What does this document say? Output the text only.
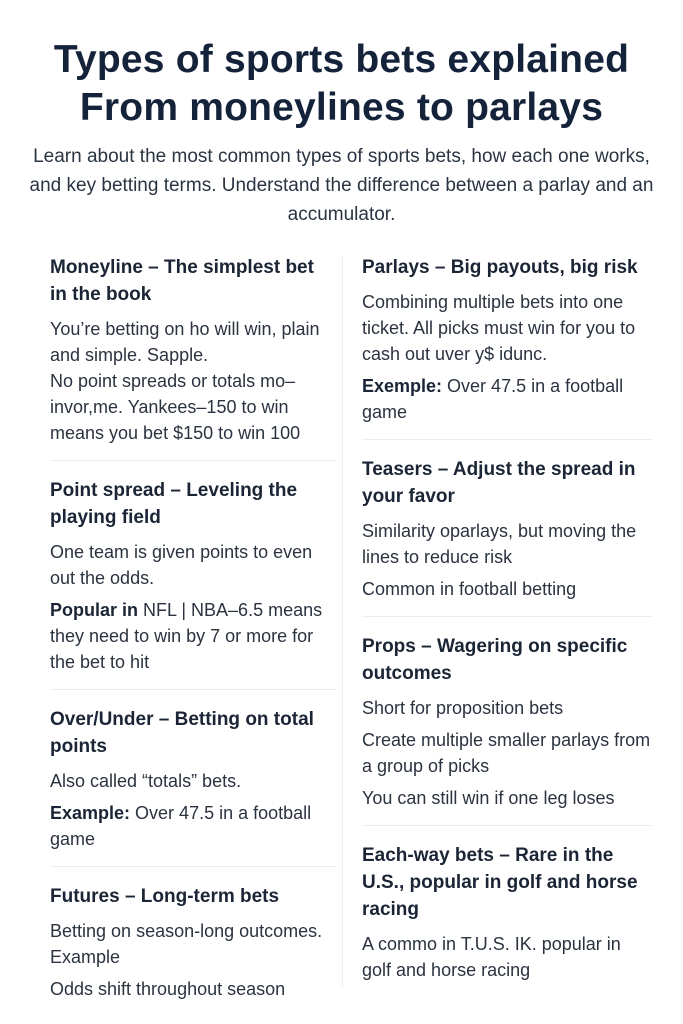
Types of sports bets explained
From moneylines to parlays
Learn about the most common types of sports bets, how each one works, and key betting terms. Understand the difference between a parlay and an accumulator.
Moneyline – The simplest bet in the book

You’re betting on ho will win, plain and simple. Sapple.

No point spreads or totals mo–invor,me. Yankees–150 to win means you bet $150 to win 100

Point spread – Leveling the playing field

One team is given points to even out the odds.

Popular in NFL | NBA–6.5 means they need to win by 7 or more for the bet to hit

Over/Under – Betting on total points

Also called “totals” bets.

Example: Over 47.5 in a football game

Futures – Long-term bets

Betting on season-long outcomes. Example

Odds shift throughout season

Parlays – Big payouts, big risk

Combining multiple bets into one ticket. All picks must win for you to cash out uver y$ idunc.

Exemple: Over 47.5 in a football game

Teasers – Adjust the spread in your favor

Similarity oparlays, but moving the lines to reduce risk

Common in football betting

Props – Wagering on specific outcomes

Short for proposition bets

Create multiple smaller parlays from a group of picks

You can still win if one leg loses

Each-way bets – Rare in the U.S., popular in golf and horse racing

A commo in T.U.S. IK. popular in golf and horse racing
